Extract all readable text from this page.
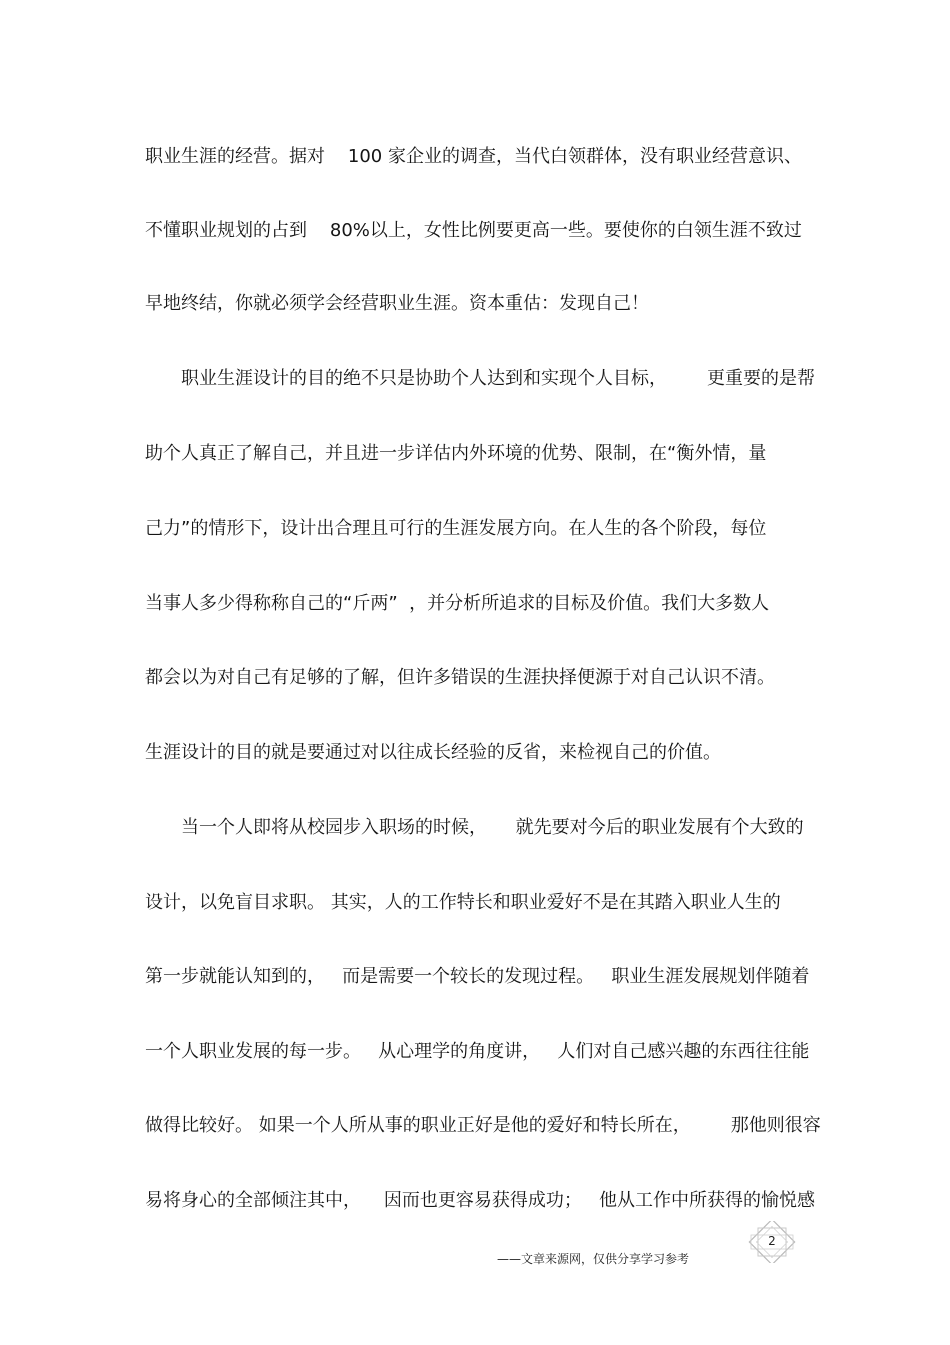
职业生涯的经营。据对    100 家企业的调查，当代白领群体，没有职业经营意识、
不懂职业规划的占到    80%以上，女性比例要更高一些。要使你的白领生涯不致过
早地终结，你就必须学会经营职业生涯。资本重估：发现自己！
职业生涯设计的目的绝不只是协助个人达到和实现个人目标，       更重要的是帮
助个人真正了解自己，并且进一步详估内外环境的优势、限制，在“衡外情，量
己力”的情形下，设计出合理且可行的生涯发展方向。在人生的各个阶段，每位
当事人多少得称称自己的“斤两”  ，并分析所追求的目标及价值。我们大多数人
都会以为对自己有足够的了解，但许多错误的生涯抉择便源于对自己认识不清。
生涯设计的目的就是要通过对以往成长经验的反省，来检视自己的价值。
当一个人即将从校园步入职场的时候，     就先要对今后的职业发展有个大致的
设计，以免盲目求职。 其实，人的工作特长和职业爱好不是在其踏入职业人生的
第一步就能认知到的，   而是需要一个较长的发现过程。   职业生涯发展规划伴随着
一个人职业发展的每一步。   从心理学的角度讲，   人们对自己感兴趣的东西往往能
做得比较好。 如果一个人所从事的职业正好是他的爱好和特长所在，       那他则很容
易将身心的全部倾注其中，    因而也更容易获得成功；   他从工作中所获得的愉悦感
2
——文章来源网，仅供分享学习参考
